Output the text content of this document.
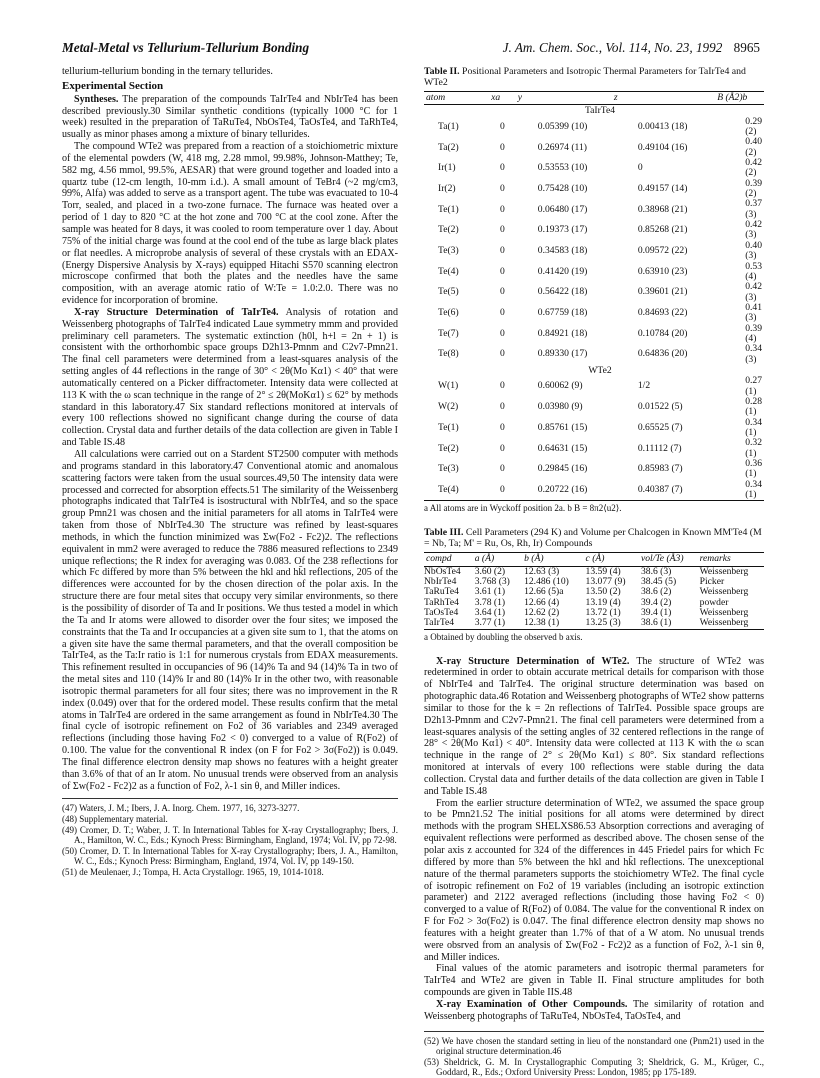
Metal-Metal vs Tellurium-Tellurium Bonding	J. Am. Chem. Soc., Vol. 114, No. 23, 1992 8965

tellurium-tellurium bonding in the ternary tellurides.

Experimental Section

Syntheses. The preparation of the compounds TaIrTe4 and NbIrTe4 has been described previously.30 Similar synthetic conditions (typically 1000 °C for 1 week) resulted in the preparation of TaRuTe4, NbOsTe4, TaOsTe4, and TaRhTe4, usually as minor phases among a mixture of binary tellurides.

The compound WTe2 was prepared from a reaction of a stoichiometric mixture of the elemental powders (W, 418 mg, 2.28 mmol, 99.98%, Johnson-Matthey; Te, 582 mg, 4.56 mmol, 99.5%, AESAR) that were ground together and loaded into a quartz tube (12-cm length, 10-mm i.d.). A small amount of TeBr4 (~2 mg/cm3, 99%, Alfa) was added to serve as a transport agent. The tube was evacuated to 10-4 Torr, sealed, and placed in a two-zone furnace. The furnace was heated over a period of 1 day to 820 °C at the hot zone and 700 °C at the cool zone. After the sample was heated for 8 days, it was cooled to room temperature over 1 day. About 75% of the initial charge was found at the cool end of the tube as large black plates or flat needles. A microprobe analysis of several of these crystals with an EDAX- (Energy Dispersive Analysis by X-rays) equipped Hitachi S570 scanning electron microscope confirmed that both the plates and the needles have the same composition, with an average atomic ratio of W:Te = 1.0:2.0. There was no evidence for incorporation of bromine.

X-ray Structure Determination of TaIrTe4. Analysis of rotation and Weissenberg photographs of TaIrTe4 indicated Laue symmetry mmm and provided preliminary cell parameters. The systematic extinction (h0l, h+l = 2n + 1) is consistent with the orthorhombic space groups D2h13-Pmnm and C2v7-Pmn21. The final cell parameters were determined from a least-squares analysis of the setting angles of 44 reflections in the range of 30° < 2θ(Mo Kα1) < 40° that were automatically centered on a Picker diffractometer. Intensity data were collected at 113 K with the ω scan technique in the range of 2° ≤ 2θ(MoKα1) ≤ 62° by methods standard in this laboratory.47 Six standard reflections monitored at intervals of every 100 reflections showed no significant change during the course of data collection. Crystal data and further details of the data collection are given in Table I and Table IS.48

All calculations were carried out on a Stardent ST2500 computer with methods and programs standard in this laboratory.47 Conventional atomic and anomalous scattering factors were taken from the usual sources.49,50 The intensity data were processed and corrected for absorption effects.51 The similarity of the Weissenberg photographs indicated that TaIrTe4 is isostructural with NbIrTe4, and so the space group Pmn21 was chosen and the initial parameters for all atoms in TaIrTe4 were taken from those of NbIrTe4.30 The structure was refined by least-squares methods, in which the function minimized was Σw(Fo2 - Fc2)2. The reflections equivalent in mm2 were averaged to reduce the 7886 measured reflections to 2349 unique reflections; the R index for averaging was 0.083. Of the 238 reflections for which Fc differed by more than 5% between the hkl and hk̄l reflections, 205 of the differences were accounted for by the chosen direction of the polar axis. In the structure there are four metal sites that occupy very similar environments, so there is the possibility of disorder of Ta and Ir positions. We thus tested a model in which the Ta and Ir atoms were allowed to disorder over the four sites; we imposed the constraints that the Ta and Ir occupancies at a given site sum to 1, that the atoms on a given site have the same thermal parameters, and that the overall composition be TaIrTe4, as the Ta:Ir ratio is 1:1 for numerous crystals from EDAX measurements. This refinement resulted in occupancies of 96 (14)% Ta and 94 (14)% Ta in two of the metal sites and 110 (14)% Ir and 80 (14)% Ir in the other two, with reasonable isotropic thermal parameters for all four sites; there was no improvement in the R index (0.049) over that for the ordered model. These results confirm that the metal atoms in TaIrTe4 are ordered in the same arrangement as found in NbIrTe4.30 The final cycle of isotropic refinement on Fo2 of 36 variables and 2349 averaged reflections (including those having Fo2 < 0) converged to a value of R(Fo2) of 0.100. The value for the conventional R index (on F for Fo2 > 3σ(Fo2)) is 0.049. The final difference electron density map shows no features with a height greater than 3.6% of that of an Ir atom. No unusual trends were observed from an analysis of Σw(Fo2 - Fc2)2 as a function of Fo2, λ-1 sin θ, and Miller indices.

(47) Waters, J. M.; Ibers, J. A. Inorg. Chem. 1977, 16, 3273-3277.
(48) Supplementary material.
(49) Cromer, D. T.; Waber, J. T. In International Tables for X-ray Crystallography; Ibers, J. A., Hamilton, W. C., Eds.; Kynoch Press: Birmingham, England, 1974; Vol. IV, pp 72-98.
(50) Cromer, D. T. In International Tables for X-ray Crystallography; Ibers, J. A., Hamilton, W. C., Eds.; Kynoch Press: Birmingham, England, 1974, Vol. IV, pp 149-150.
(51) de Meulenaer, J.; Tompa, H. Acta Crystallogr. 1965, 19, 1014-1018.
Table II. Positional Parameters and Isotropic Thermal Parameters for TaIrTe4 and WTe2
atom	xa	y	z	B (Å2)b
TaIrTe4				
Ta(1)	0	0.05399 (10)	0.00413 (18)	0.29 (2)
Ta(2)	0	0.26974 (11)	0.49104 (16)	0.40 (2)
Ir(1)	0	0.53553 (10)	0	0.42 (2)
Ir(2)	0	0.75428 (10)	0.49157 (14)	0.39 (2)
Te(1)	0	0.06480 (17)	0.38968 (21)	0.37 (3)
Te(2)	0	0.19373 (17)	0.85268 (21)	0.42 (3)
Te(3)	0	0.34583 (18)	0.09572 (22)	0.40 (3)
Te(4)	0	0.41420 (19)	0.63910 (23)	0.53 (4)
Te(5)	0	0.56422 (18)	0.39601 (21)	0.42 (3)
Te(6)	0	0.67759 (18)	0.84693 (22)	0.41 (3)
Te(7)	0	0.84921 (18)	0.10784 (20)	0.39 (4)
Te(8)	0	0.89330 (17)	0.64836 (20)	0.34 (3)
WTe2				
W(1)	0	0.60062 (9)	1/2	0.27 (1)
W(2)	0	0.03980 (9)	0.01522 (5)	0.28 (1)
Te(1)	0	0.85761 (15)	0.65525 (7)	0.34 (1)
Te(2)	0	0.64631 (15)	0.11112 (7)	0.32 (1)
Te(3)	0	0.29845 (16)	0.85983 (7)	0.36 (1)
Te(4)	0	0.20722 (16)	0.40387 (7)	0.34 (1)
a All atoms are in Wyckoff position 2a. b B = 8π2⟨u2⟩.
Table III. Cell Parameters (294 K) and Volume per Chalcogen in Known MM'Te4 (M = Nb, Ta; M' = Ru, Os, Rh, Ir) Compounds
compd	a (Å)	b (Å)	c (Å)	vol/Te (Å3)	remarks
NbOsTe4	3.60 (2)	12.63 (3)	13.59 (4)	38.6 (3)	Weissenberg
NbIrTe4	3.768 (3)	12.486 (10)	13.077 (9)	38.45 (5)	Picker
TaRuTe4	3.61 (1)	12.66 (5)a	13.50 (2)	38.6 (2)	Weissenberg
TaRhTe4	3.78 (1)	12.66 (4)	13.19 (4)	39.4 (2)	powder
TaOsTe4	3.64 (1)	12.62 (2)	13.72 (1)	39.4 (1)	Weissenberg
TaIrTe4	3.77 (1)	12.38 (1)	13.25 (3)	38.6 (1)	Weissenberg
a Obtained by doubling the observed b axis.

X-ray Structure Determination of WTe2. The structure of WTe2 was redetermined in order to obtain accurate metrical details for comparison with those of NbIrTe4 and TaIrTe4. The original structure determination was based on photographic data.46 Rotation and Weissenberg photographs of WTe2 show patterns similar to those for the k = 2n reflections of TaIrTe4. Possible space groups are D2h13-Pmnm and C2v7-Pmn21. The final cell parameters were determined from a least-squares analysis of the setting angles of 32 centered reflections in the range of 28° < 2θ(Mo Kα1) < 40°. Intensity data were collected at 113 K with the ω scan technique in the range of 2° ≤ 2θ(Mo Kα1) ≤ 80°. Six standard reflections monitored at intervals of every 100 reflections were stable during the data collection. Crystal data and further details of the data collection are given in Table I and Table IS.48

From the earlier structure determination of WTe2, we assumed the space group to be Pmn21.52 The initial positions for all atoms were determined by direct methods with the program SHELXS86.53 Absorption corrections and averaging of equivalent reflections were performed as described above. The chosen sense of the polar axis z accounted for 324 of the differences in 445 Friedel pairs for which Fc differed by more than 5% between the hkl and hk̄l reflections. The unexceptional nature of the thermal parameters supports the stoichiometry WTe2. The final cycle of isotropic refinement on Fo2 of 19 variables (including an isotropic extinction parameter) and 2122 averaged reflections (including those having Fo2 < 0) converged to a value of R(Fo2) of 0.084. The value for the conventional R index on F for Fo2 > 3σ(Fo2) is 0.047. The final difference electron density map shows no features with a height greater than 1.7% of that of a W atom. No unusual trends were obsrved from an analysis of Σw(Fo2 - Fc2)2 as a function of Fo2, λ-1 sin θ, and Miller indices.

Final values of the atomic parameters and isotropic thermal parameters for TaIrTe4 and WTe2 are given in Table II. Final structure amplitudes for both compounds are given in Table IIS.48

X-ray Examination of Other Compounds. The similarity of rotation and Weissenberg photographs of TaRuTe4, NbOsTe4, TaOsTe4, and

(52) We have chosen the standard setting in lieu of the nonstandard one (Pnm21) used in the original structure determination.46
(53) Sheldrick, G. M. In Crystallographic Computing 3; Sheldrick, G. M., Krüger, C., Goddard, R., Eds.; Oxford University Press: London, 1985; pp 175-189.
